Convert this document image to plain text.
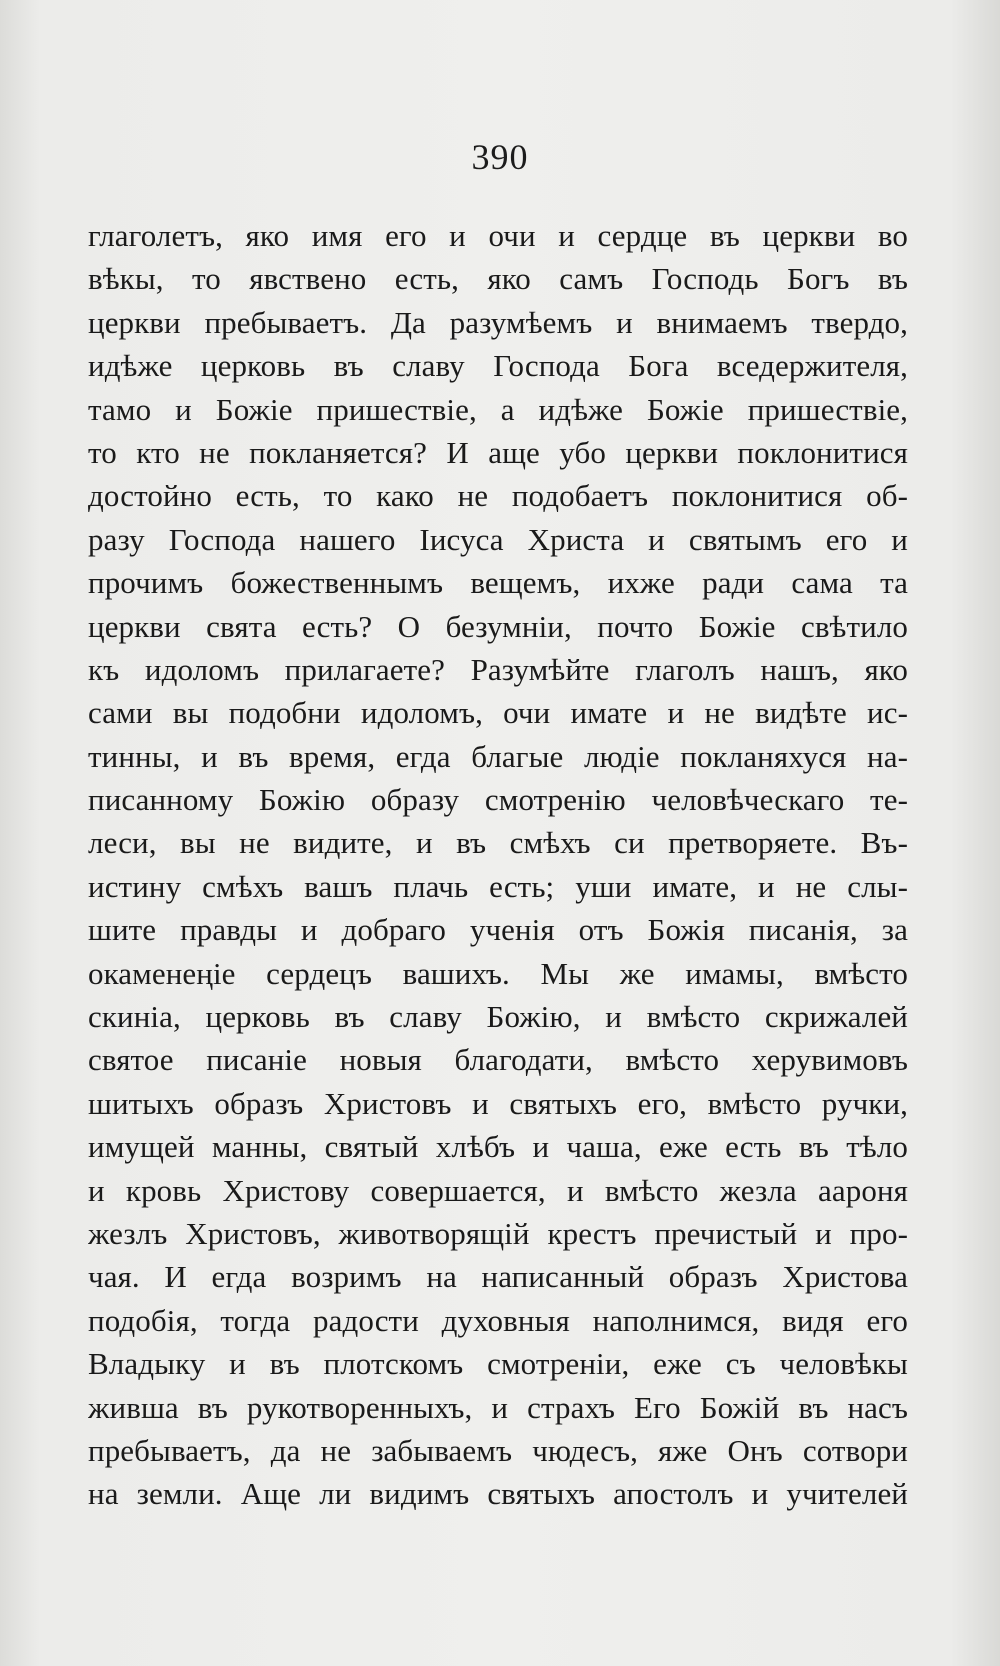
390
глаголетъ, яко имя его и очи и сердце въ церкви во
вѣкы, то явствено есть, яко самъ Господь Богъ въ
церкви пребываетъ. Да разумѣемъ и внимаемъ твердо,
идѣже церковь въ славу Господа Бога вседержителя,
тамо и Божіе пришествіе, а идѣже Божіе пришествіе,
то кто не покланяется? И аще убо церкви поклонитися
достойно есть, то како не подобаетъ поклонитися об-
разу Господа нашего Іисуса Христа и святымъ его и
прочимъ божественнымъ вещемъ, ихже ради сама та
церкви свята есть? О безумніи, почто Божіе свѣтило
къ идоломъ прилагаете? Разумѣйте глаголъ нашъ, яко
сами вы подобни идоломъ, очи имате и не видѣте ис-
тинны, и въ время, егда благые людіе покланяхуся на-
писанному Божію образу смотренію человѣческаго те-
леси, вы не видите, и въ смѣхъ си претворяете. Въ-
истину смѣхъ вашъ плачь есть; уши имате, и не слы-
шите правды и добраго ученія отъ Божія писанія, за
окаменеңіе сердецъ вашихъ. Мы же имамы, вмѣсто
скиніа, церковь въ славу Божію, и вмѣсто скрижалей
святое писаніе новыя благодати, вмѣсто херувимовъ
шитыхъ образъ Христовъ и святыхъ его, вмѣсто ручки,
имущей манны, святый хлѣбъ и чаша, еже есть въ тѣло
и кровь Христову совершается, и вмѣсто жезла аароня
жезлъ Христовъ, животворящій крестъ пречистый и про-
чая. И егда возримъ на написанный образъ Христова
подобія, тогда радости духовныя наполнимся, видя его
Владыку и въ плотскомъ смотреніи, еже съ человѣкы
живша въ рукотворенныхъ, и страхъ Его Божій въ насъ
пребываетъ, да не забываемъ чюдесъ, яже Онъ сотвори
на земли. Аще ли видимъ святыхъ апостолъ и учителей
